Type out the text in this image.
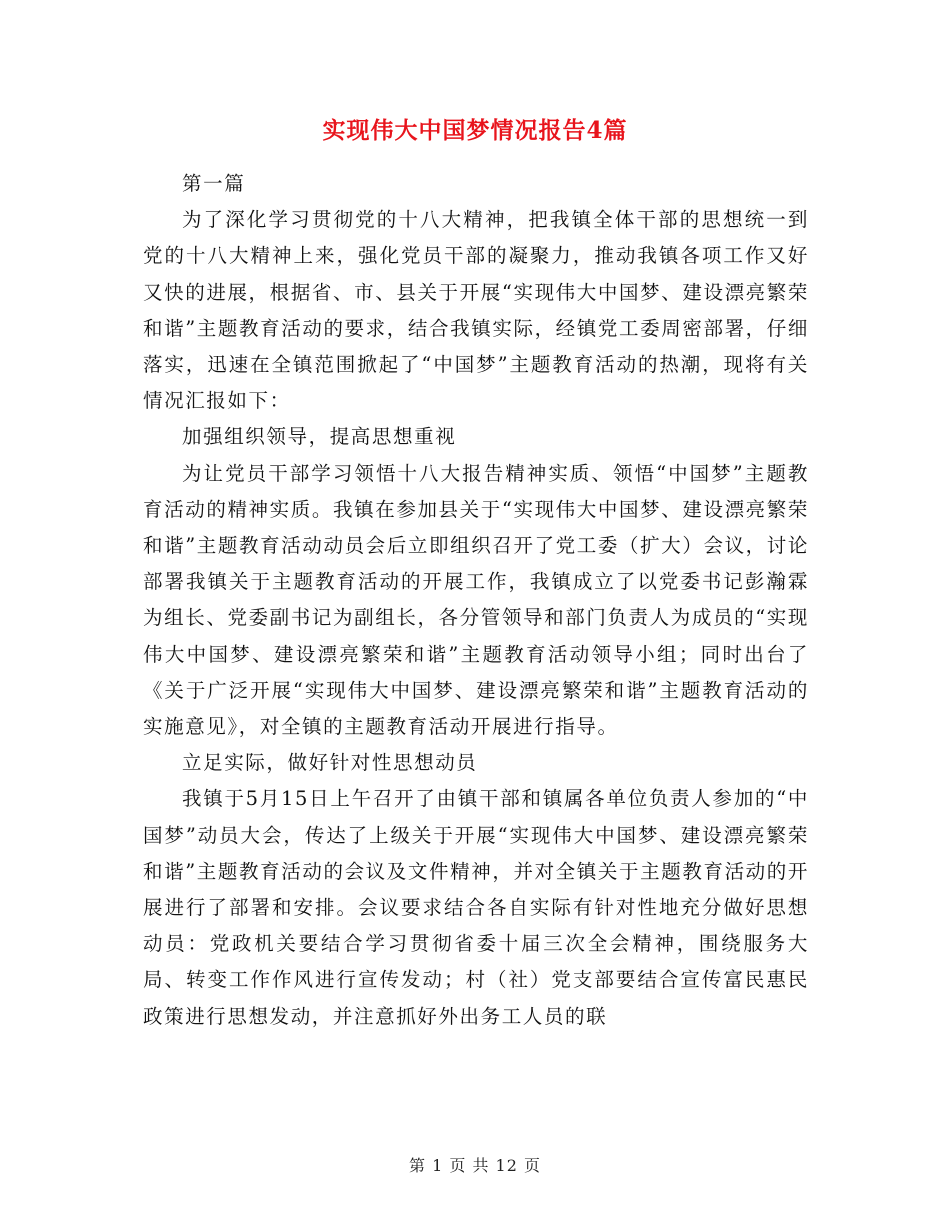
实现伟大中国梦情况报告4篇

第一篇

为了深化学习贯彻党的十八大精神，把我镇全体干部的思想统一到党的十八大精神上来，强化党员干部的凝聚力，推动我镇各项工作又好又快的进展，根据省、市、县关于开展“实现伟大中国梦、建设漂亮繁荣和谐”主题教育活动的要求，结合我镇实际，经镇党工委周密部署，仔细落实，迅速在全镇范围掀起了“中国梦”主题教育活动的热潮，现将有关情况汇报如下：

加强组织领导，提高思想重视

为让党员干部学习领悟十八大报告精神实质、领悟“中国梦”主题教育活动的精神实质。我镇在参加县关于“实现伟大中国梦、建设漂亮繁荣和谐”主题教育活动动员会后立即组织召开了党工委（扩大）会议，讨论部署我镇关于主题教育活动的开展工作，我镇成立了以党委书记彭瀚霖为组长、党委副书记为副组长，各分管领导和部门负责人为成员的“实现伟大中国梦、建设漂亮繁荣和谐”主题教育活动领导小组；同时出台了《关于广泛开展“实现伟大中国梦、建设漂亮繁荣和谐”主题教育活动的实施意见》，对全镇的主题教育活动开展进行指导。

立足实际，做好针对性思想动员

我镇于5月15日上午召开了由镇干部和镇属各单位负责人参加的“中国梦”动员大会，传达了上级关于开展“实现伟大中国梦、建设漂亮繁荣和谐”主题教育活动的会议及文件精神，并对全镇关于主题教育活动的开展进行了部署和安排。会议要求结合各自实际有针对性地充分做好思想动员：党政机关要结合学习贯彻省委十届三次全会精神，围绕服务大局、转变工作作风进行宣传发动；村（社）党支部要结合宣传富民惠民政策进行思想发动，并注意抓好外出务工人员的联

第 1 页 共 12 页
